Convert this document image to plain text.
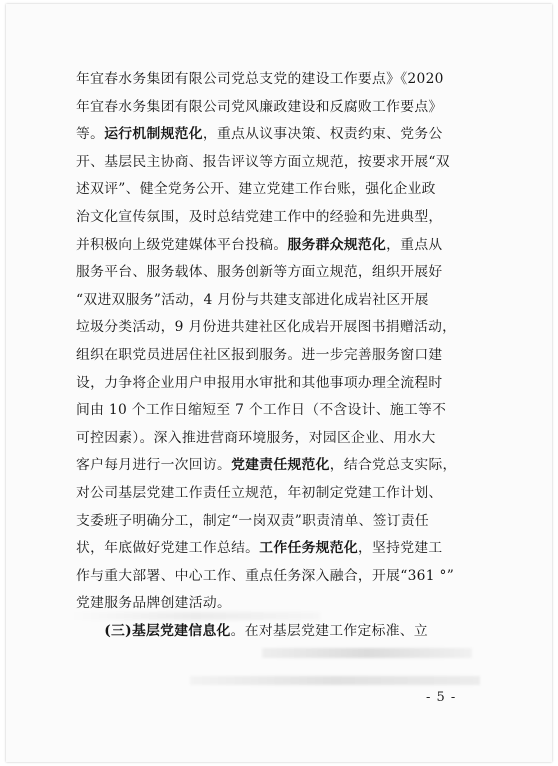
年宜春水务集团有限公司党总支党的建设工作要点》《2020
年宜春水务集团有限公司党风廉政建设和反腐败工作要点》
等。运行机制规范化，重点从议事决策、权责约束、党务公
开、基层民主协商、报告评议等方面立规范，按要求开展“双
述双评”、健全党务公开、建立党建工作台账，强化企业政
治文化宣传氛围，及时总结党建工作中的经验和先进典型，
并积极向上级党建媒体平台投稿。服务群众规范化，重点从
服务平台、服务载体、服务创新等方面立规范，组织开展好
“双进双服务”活动，4 月份与共建支部进化成岩社区开展
垃圾分类活动，9 月份进共建社区化成岩开展图书捐赠活动，
组织在职党员进居住社区报到服务。进一步完善服务窗口建
设，力争将企业用户申报用水审批和其他事项办理全流程时
间由 10 个工作日缩短至 7 个工作日（不含设计、施工等不
可控因素）。深入推进营商环境服务，对园区企业、用水大
客户每月进行一次回访。党建责任规范化，结合党总支实际，
对公司基层党建工作责任立规范，年初制定党建工作计划、
支委班子明确分工，制定“一岗双责”职责清单、签订责任
状，年底做好党建工作总结。工作任务规范化，坚持党建工
作与重大部署、中心工作、重点任务深入融合，开展“361 °”
党建服务品牌创建活动。
　　(三)基层党建信息化。在对基层党建工作定标准、立
- 5 -
